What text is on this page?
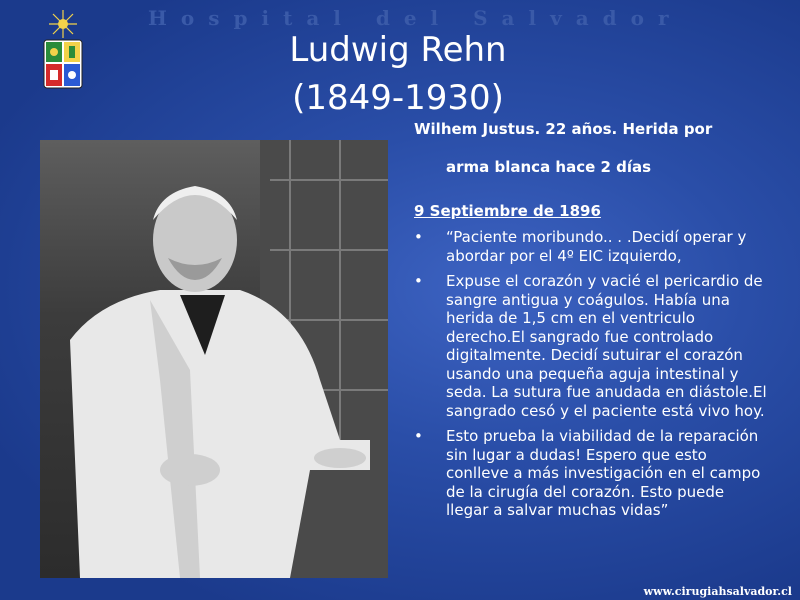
Hospital del Salvador
Ludwig Rehn
(1849-1930)
Wilhem Justus. 22 años. Herida por
arma blanca hace 2 días
9 Septiembre de 1896
• “Paciente moribundo.. . .Decidí operar y abordar por el 4º EIC izquierdo,
• Expuse el corazón y vacié el pericardio de sangre antigua y coágulos. Había una herida de 1,5 cm en el ventriculo derecho.El sangrado fue controlado digitalmente. Decidí sutuirar el corazón usando una pequeña aguja intestinal y seda. La sutura fue anudada en diástole.El sangrado cesó y el paciente está vivo hoy.
• Esto prueba la viabilidad de la reparación sin lugar a dudas! Espero que esto conlleve a más investigación en el campo de la cirugía del corazón. Esto puede llegar a salvar muchas vidas”
www.cirugiahsalvador.cl
